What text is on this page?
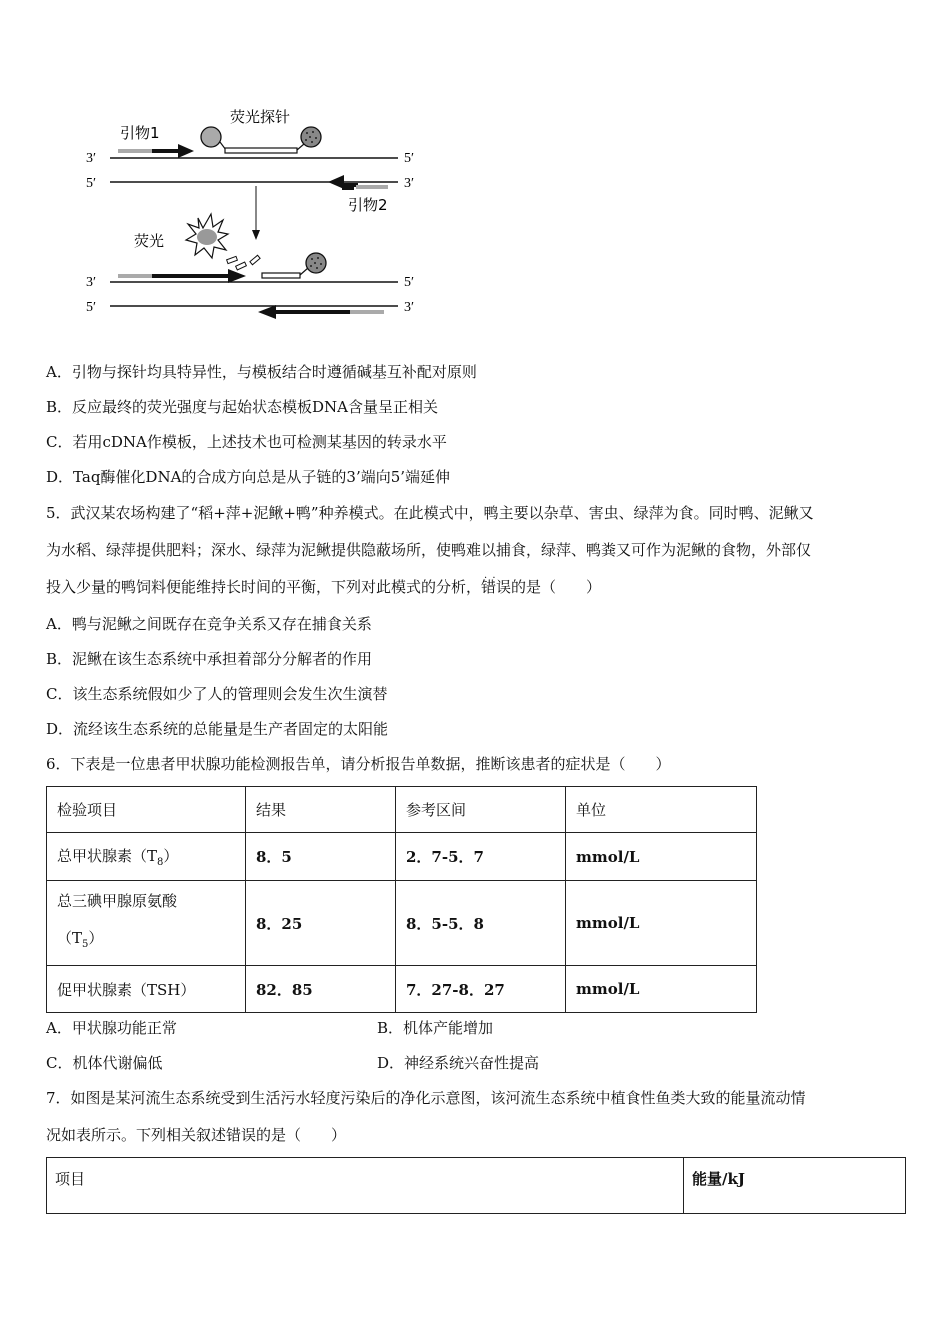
3′	5′
5′	3′
引物1
荧光探针
引物2
荧光
3′	5′
5′	3′
A．引物与探针均具特异性，与模板结合时遵循碱基互补配对原则
B．反应最终的荧光强度与起始状态模板DNA含量呈正相关
C．若用cDNA作模板，上述技术也可检测某基因的转录水平
D．Taq酶催化DNA的合成方向总是从子链的3’端向5’端延伸
5．武汉某农场构建了“稻+萍+泥鳅+鸭”种养模式。在此模式中，鸭主要以杂草、害虫、绿萍为食。同时鸭、泥鳅又
为水稻、绿萍提供肥料；深水、绿萍为泥鳅提供隐蔽场所，使鸭难以捕食，绿萍、鸭粪又可作为泥鳅的食物，外部仅
投入少量的鸭饲料便能维持长时间的平衡，下列对此模式的分析，· · 错误的是（　　）
A．鸭与泥鳅之间既存在竞争关系又存在捕食关系
B．泥鳅在该生态系统中承担着部分分解者的作用
C．该生态系统假如少了人的管理则会发生次生演替
D．流经该生态系统的总能量是生产者固定的太阳能
6．下表是一位患者甲状腺功能检测报告单，请分析报告单数据，推断该患者的症状是（　　）
检验项目	结果	参考区间	单位
总甲状腺素$(T_8)$	8．5	2．7-5．7	mmol/L
总三碘甲腺原氨酸
$(T_5)$	8．25	8．5-5．8	mmol/L
促甲状腺素（TSH）	82．85	7．27-8．27	mmol/L
A．甲状腺功能正常	B．机体产能增加
C．机体代谢偏低	D．神经系统兴奋性提高
7．如图是某河流生态系统受到生活污水轻度污染后的净化示意图，该河流生态系统中植食性鱼类大致的能量流动情
况如表所示。下列相关叙述错误的是（　　）
项目	能量/kJ
